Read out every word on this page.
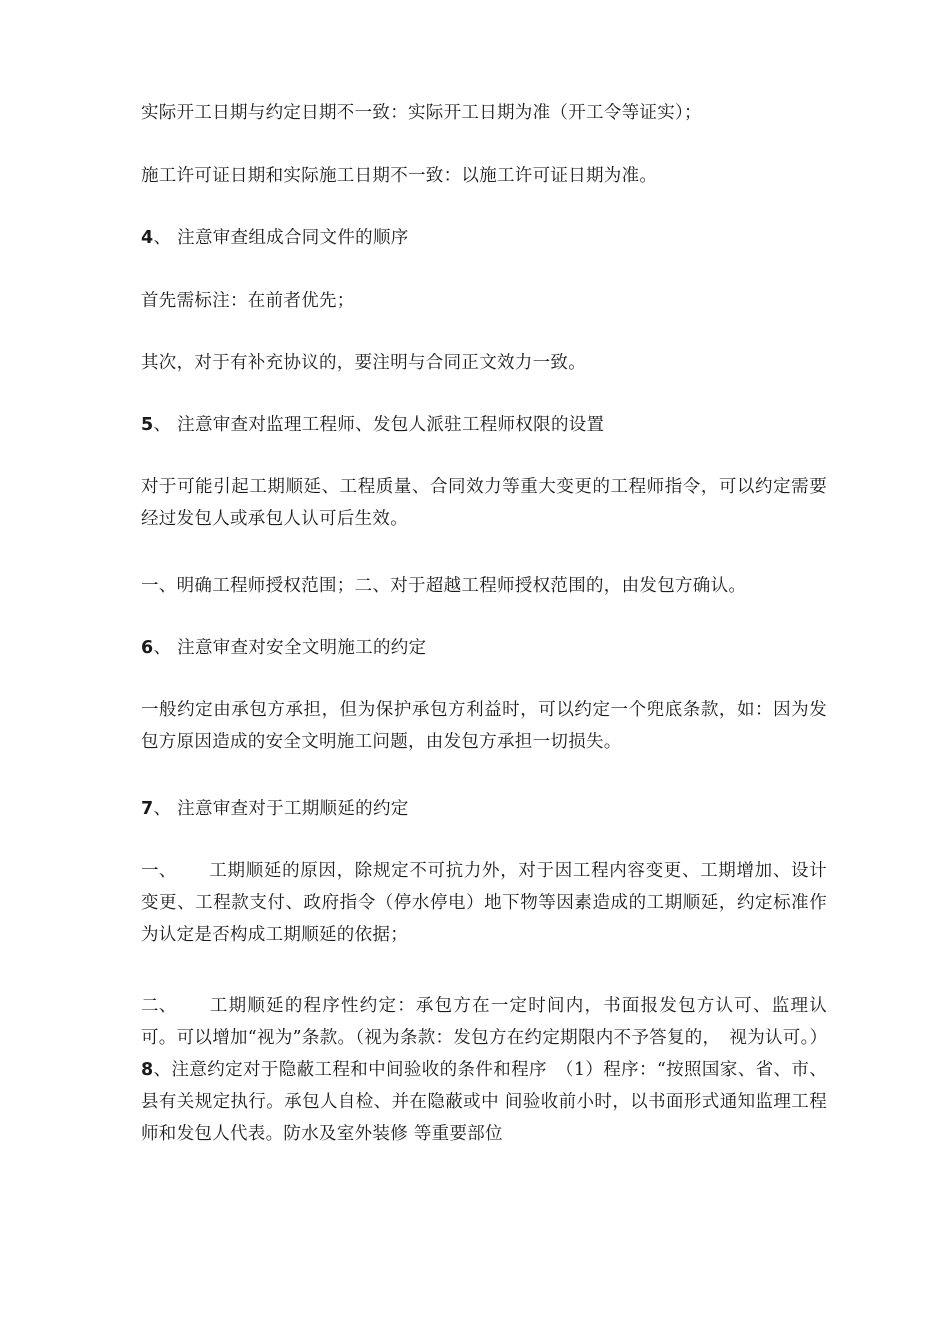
实际开工日期与约定日期不一致：实际开工日期为准（开工令等证实）；

施工许可证日期和实际施工日期不一致：以施工许可证日期为准。

4、 注意审查组成合同文件的顺序

首先需标注：在前者优先；

其次，对于有补充协议的，要注明与合同正文效力一致。

5、 注意审查对监理工程师、发包人派驻工程师权限的设置

对于可能引起工期顺延、工程质量、合同效力等重大变更的工程师指令，可以约定需要经过发包人或承包人认可后生效。

一、明确工程师授权范围；二、对于超越工程师授权范围的，由发包方确认。

6、 注意审查对安全文明施工的约定

一般约定由承包方承担，但为保护承包方利益时，可以约定一个兜底条款，如：因为发包方原因造成的安全文明施工问题，由发包方承担一切损失。

7、 注意审查对于工期顺延的约定

一、 工期顺延的原因，除规定不可抗力外，对于因工程内容变更、工期增加、设计变更、工程款支付、政府指令（停水停电）地下物等因素造成的工期顺延，约定标准作为认定是否构成工期顺延的依据；

二、 工期顺延的程序性约定：承包方在一定时间内，书面报发包方认可、监理认可。可以增加“视为”条款。（视为条款：发包方在约定期限内不予答复的，　视为认可。）8、注意约定对于隐蔽工程和中间验收的条件和程序　（1）程序：“按照国家、省、市、县有关规定执行。承包人自检、并在隐蔽或中 间验收前小时，以书面形式通知监理工程师和发包人代表。防水及室外装修 等重要部位
